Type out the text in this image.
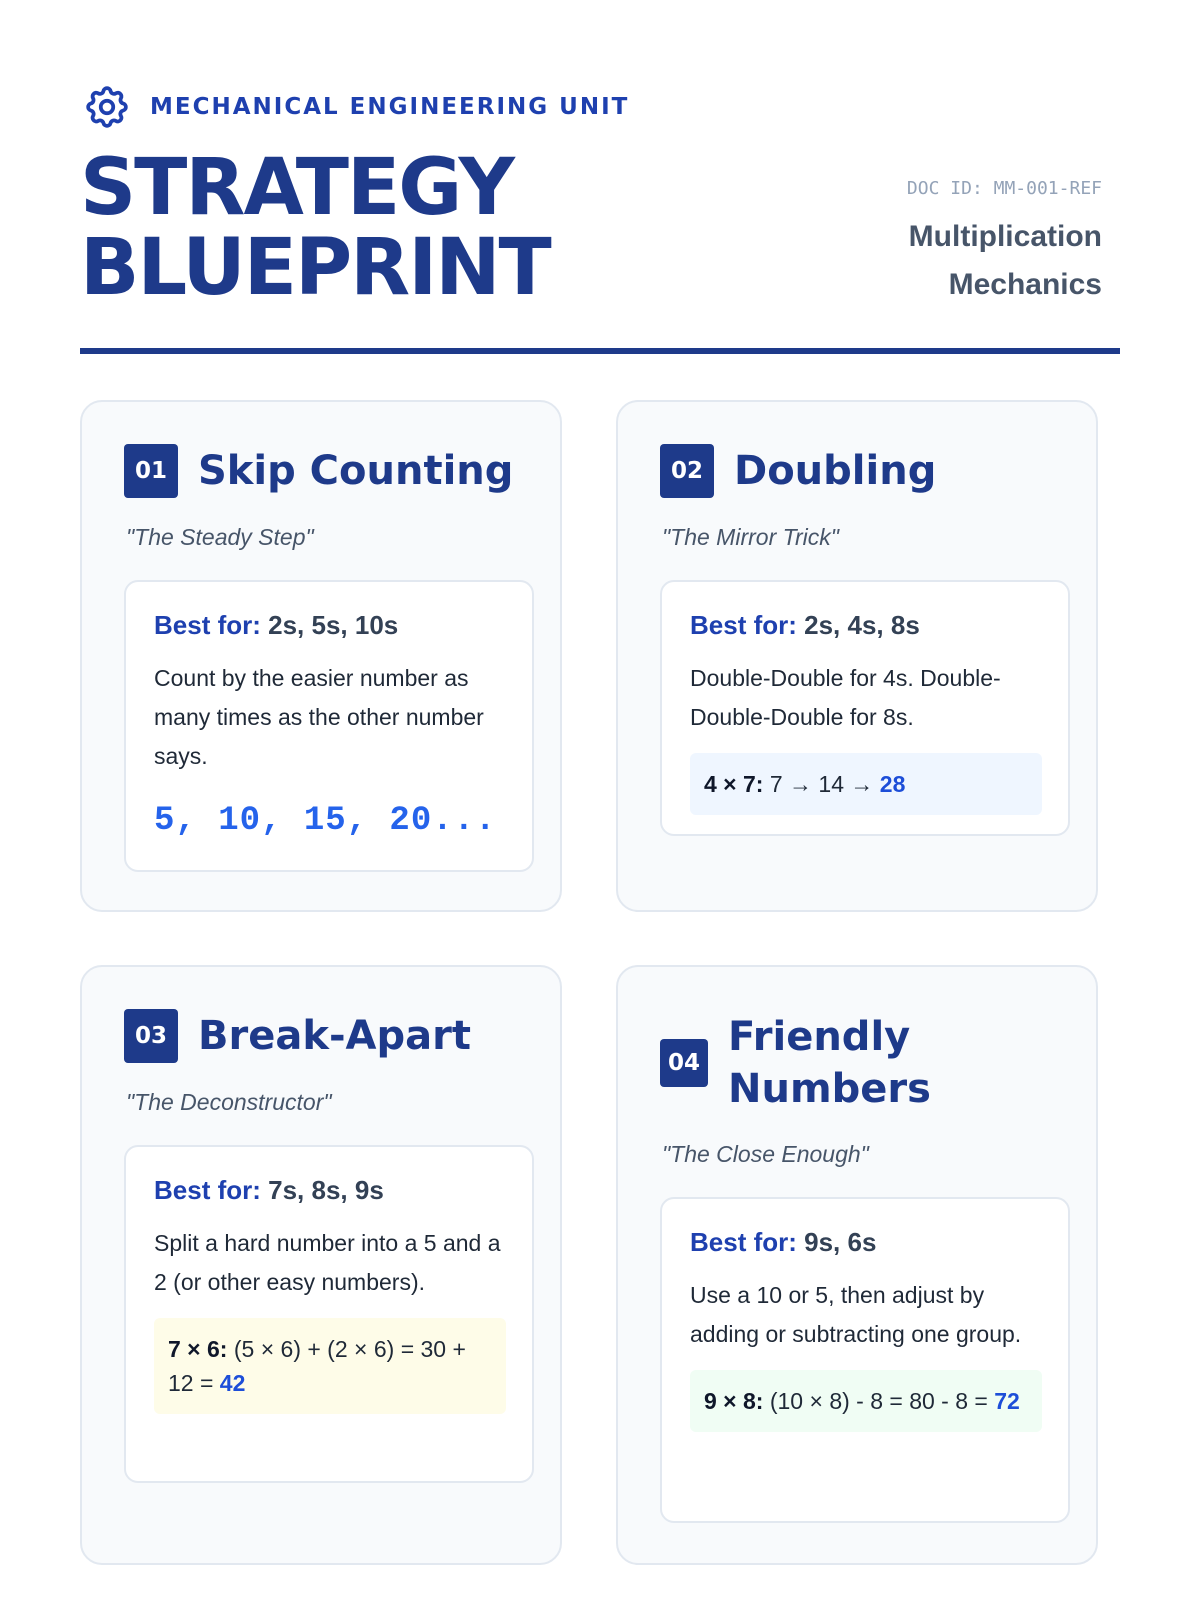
MECHANICAL ENGINEERING UNIT
STRATEGY
BLUEPRINT
DOC ID: MM-001-REF
Multiplication Mechanics
01 Skip Counting
"The Steady Step"
Best for: 2s, 5s, 10s
Count by the easier number as many times as the other number says.
5, 10, 15, 20...
02 Doubling
"The Mirror Trick"
Best for: 2s, 4s, 8s
Double-Double for 4s. Double-Double-Double for 8s.
4 × 7: 7 → 14 → 28
03 Break-Apart
"The Deconstructor"
Best for: 7s, 8s, 9s
Split a hard number into a 5 and a 2 (or other easy numbers).
7 × 6: (5 × 6) + (2 × 6) = 30 + 12 = 42
04
Friendly Numbers
"The Close Enough"
Best for: 9s, 6s
Use a 10 or 5, then adjust by adding or subtracting one group.
9 × 8: (10 × 8) - 8 = 80 - 8 = 72
